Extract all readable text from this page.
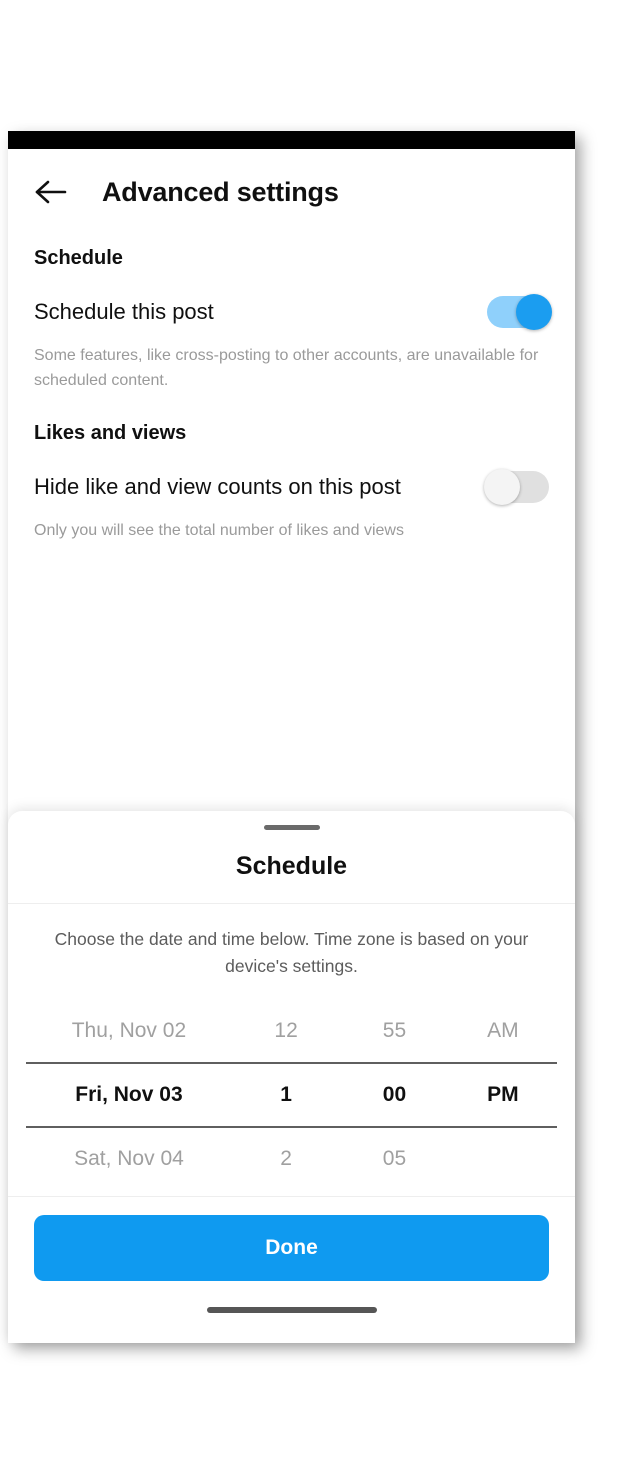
Advanced settings
Schedule
Schedule this post
Some features, like cross-posting to other accounts, are unavailable for scheduled content.
Likes and views
Hide like and view counts on this post
Only you will see the total number of likes and views
Schedule
Choose the date and time below. Time zone is based on your device's settings.
Thu, Nov 02
Fri, Nov 03
Sat, Nov 04
12
1
2
55
00
05
AM
PM
Done
